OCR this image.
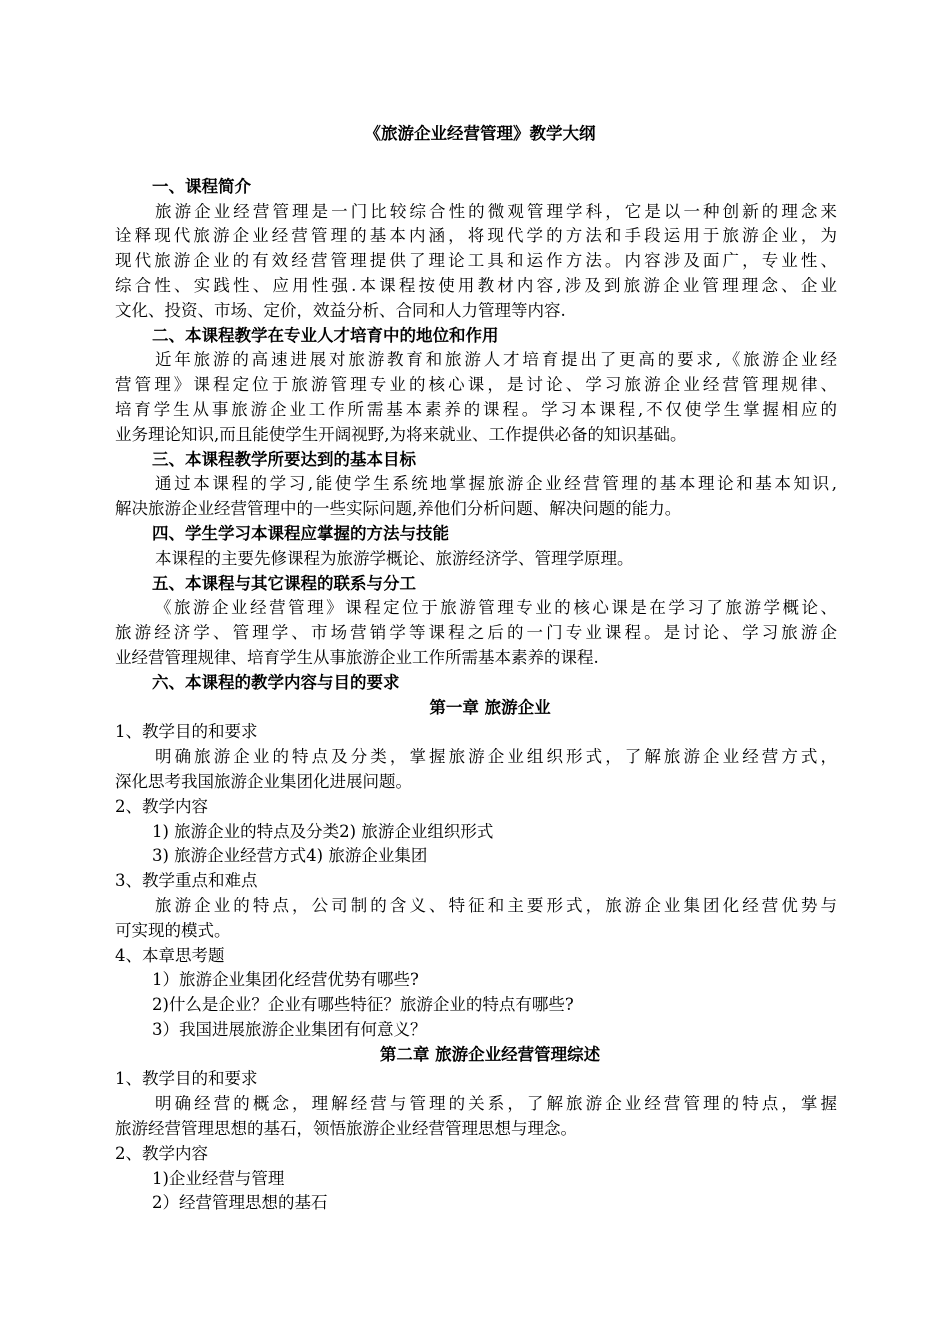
《旅游企业经营管理》教学大纲
一、课程简介
旅游企业经营管理是一门比较综合性的微观管理学科，它是以一种创新的理念来
诠释现代旅游企业经营管理的基本内涵，将现代学的方法和手段运用于旅游企业，为
现代旅游企业的有效经营管理提供了理论工具和运作方法。内容涉及面广，专业性、
综合性、实践性、应用性强.本课程按使用教材内容,涉及到旅游企业管理理念、企业
文化、投资、市场、定价，效益分析、合同和人力管理等内容.
二、本课程教学在专业人才培育中的地位和作用
近年旅游的高速进展对旅游教育和旅游人才培育提出了更高的要求,《旅游企业经
营管理》课程定位于旅游管理专业的核心课，是讨论、学习旅游企业经营管理规律、
培育学生从事旅游企业工作所需基本素养的课程。学习本课程,不仅使学生掌握相应的
业务理论知识,而且能使学生开阔视野,为将来就业、工作提供必备的知识基础。
三、本课程教学所要达到的基本目标
通过本课程的学习,能使学生系统地掌握旅游企业经营管理的基本理论和基本知识,
解决旅游企业经营管理中的一些实际问题,养他们分析问题、解决问题的能力。
四、学生学习本课程应掌握的方法与技能
本课程的主要先修课程为旅游学概论、旅游经济学、管理学原理。
五、本课程与其它课程的联系与分工
《旅游企业经营管理》课程定位于旅游管理专业的核心课是在学习了旅游学概论、
旅游经济学、管理学、市场营销学等课程之后的一门专业课程。是讨论、学习旅游企
业经营管理规律、培育学生从事旅游企业工作所需基本素养的课程.
六、本课程的教学内容与目的要求
第一章 旅游企业
1、教学目的和要求
明确旅游企业的特点及分类，掌握旅游企业组织形式，了解旅游企业经营方式，
深化思考我国旅游企业集团化进展问题。
2、教学内容
1) 旅游企业的特点及分类2) 旅游企业组织形式
3) 旅游企业经营方式4) 旅游企业集团
3、教学重点和难点
旅游企业的特点，公司制的含义、特征和主要形式，旅游企业集团化经营优势与
可实现的模式。
4、本章思考题
1）旅游企业集团化经营优势有哪些?
2)什么是企业？企业有哪些特征？旅游企业的特点有哪些?
3）我国进展旅游企业集团有何意义？
第二章 旅游企业经营管理综述
1、教学目的和要求
明确经营的概念，理解经营与管理的关系，了解旅游企业经营管理的特点，掌握
旅游经营管理思想的基石，领悟旅游企业经营管理思想与理念。
2、教学内容
1)企业经营与管理
2）经营管理思想的基石
